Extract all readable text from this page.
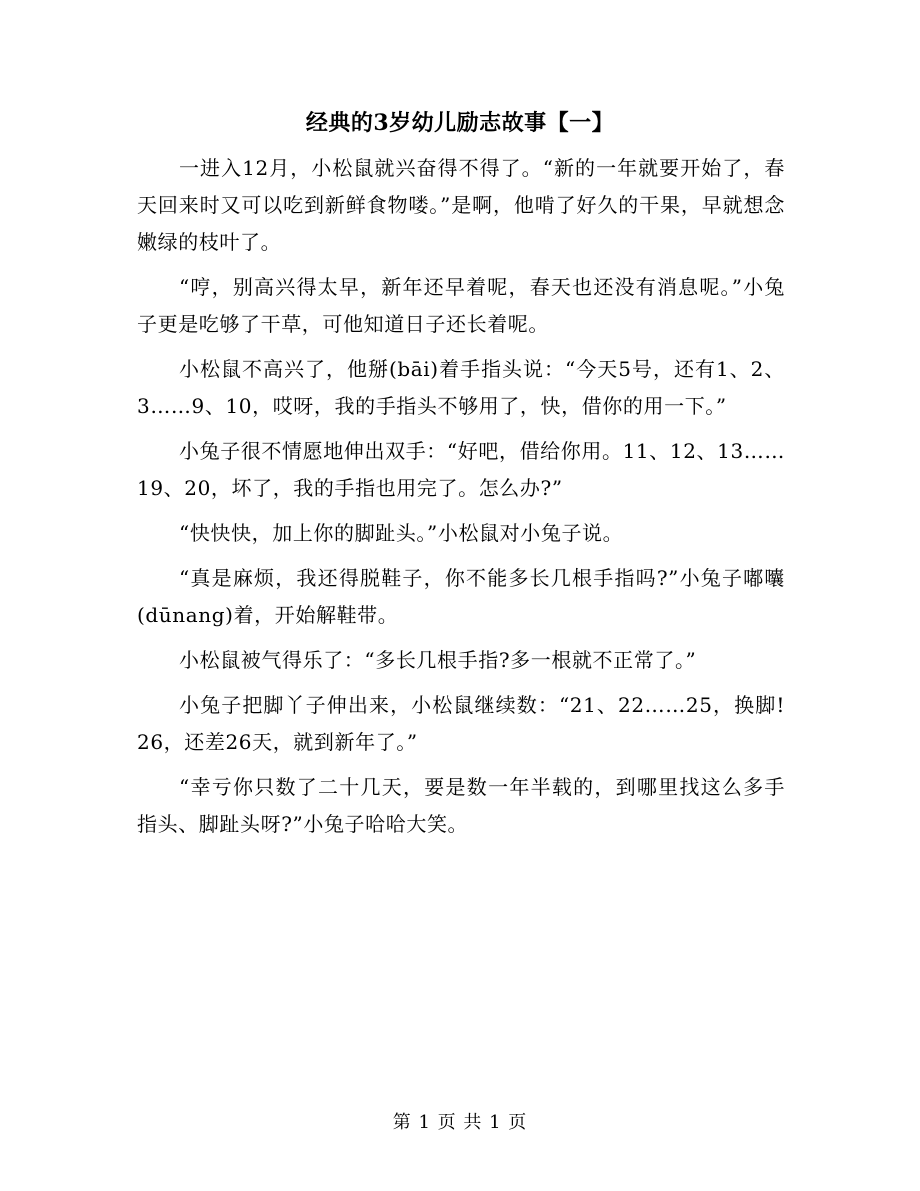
经典的3岁幼儿励志故事【一】

一进入12月，小松鼠就兴奋得不得了。“新的一年就要开始了，春天回来时又可以吃到新鲜食物喽。”是啊，他啃了好久的干果，早就想念嫩绿的枝叶了。

“哼，别高兴得太早，新年还早着呢，春天也还没有消息呢。”小兔子更是吃够了干草，可他知道日子还长着呢。

小松鼠不高兴了，他掰(bāi)着手指头说：“今天5号，还有1、2、3……9、10，哎呀，我的手指头不够用了，快，借你的用一下。”

小兔子很不情愿地伸出双手：“好吧，借给你用。11、12、13……19、20，坏了，我的手指也用完了。怎么办?”

“快快快，加上你的脚趾头。”小松鼠对小兔子说。

“真是麻烦，我还得脱鞋子，你不能多长几根手指吗?”小兔子嘟囔(dūnang)着，开始解鞋带。

小松鼠被气得乐了：“多长几根手指?多一根就不正常了。”

小兔子把脚丫子伸出来，小松鼠继续数：“21、22……25，换脚!26，还差26天，就到新年了。”

“幸亏你只数了二十几天，要是数一年半载的，到哪里找这么多手指头、脚趾头呀?”小兔子哈哈大笑。

第 1 页 共 1 页
